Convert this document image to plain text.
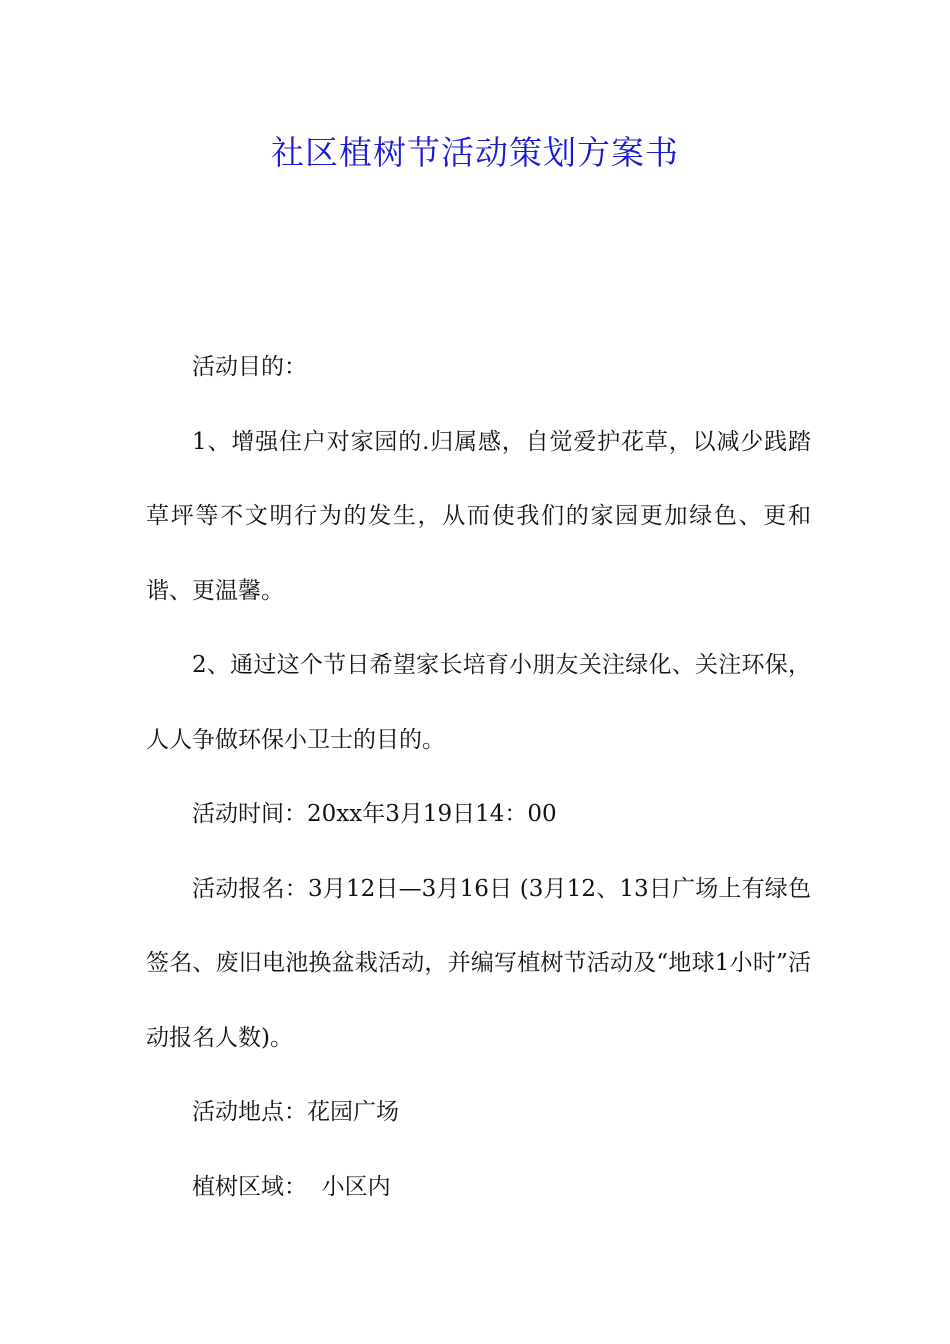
社区植树节活动策划方案书

活动目的：

1、增强住户对家园的.归属感，自觉爱护花草，以减少践踏草坪等不文明行为的发生，从而使我们的家园更加绿色、更和谐、更温馨。

2、通过这个节日希望家长培育小朋友关注绿化、关注环保，人人争做环保小卫士的目的。

活动时间：20xx年3月19日14：00

活动报名：3月12日—3月16日 (3月12、13日广场上有绿色签名、废旧电池换盆栽活动，并编写植树节活动及“地球1小时”活动报名人数)。

活动地点：花园广场

植树区域：  小区内
